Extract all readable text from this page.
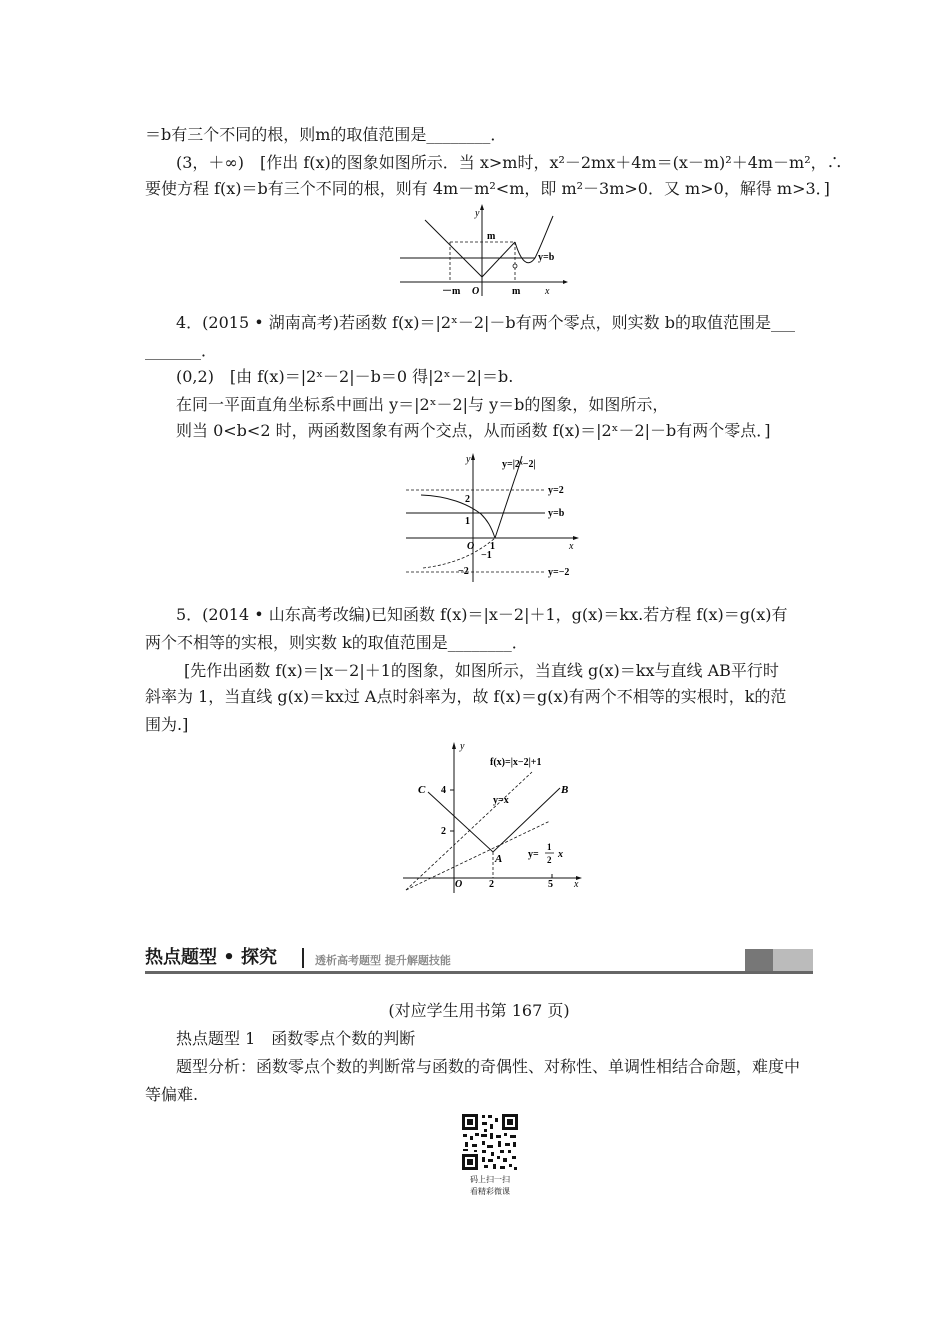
＝b有三个不同的根，则m的取值范围是________．
(3，＋∞)　[作出 f(x)的图象如图所示．当 x>m时，x²－2mx＋4m＝(x－m)²＋4m－m²，∴
要使方程 f(x)＝b有三个不同的根，则有 4m－m²<m，即 m²－3m>0．又 m>0，解得 m>3．]
y
m
y=b
－m O	m x
4．(2015 • 湖南高考)若函数 f(x)＝|2ˣ－2|－b有两个零点，则实数 b的取值范围是___
_______．
(0,2)　[由 f(x)＝|2ˣ－2|－b＝0 得|2ˣ－2|＝b.
在同一平面直角坐标系中画出 y＝|2ˣ－2|与 y＝b的图象，如图所示，
则当 0<b<2 时，两函数图象有两个交点，从而函数 f(x)＝|2ˣ－2|－b有两个零点．]
y	y=|2ˣ−2|
y=2
y=b
y=−2
2
1
O 1
−1
−2
x
5．(2014 • 山东高考改编)已知函数 f(x)＝|x－2|＋1，g(x)＝kx.若方程 f(x)＝g(x)有
两个不相等的实根，则实数 k的取值范围是________．
[先作出函数 f(x)＝|x－2|＋1的图象，如图所示，当直线 g(x)＝kx与直线 AB平行时
斜率为 1，当直线 g(x)＝kx过 A点时斜率为，故 f(x)＝g(x)有两个不相等的实根时，k的范
围为.]
y
f(x)=|x−2|+1
y=x
C	B
A
4
2
O	2	5 x
y=
1
2 x
热点题型 • 探究	透析高考题型 提升解题技能
(对应学生用书第 167 页)
热点题型 1　函数零点个数的判断
题型分析：函数零点个数的判断常与函数的奇偶性、对称性、单调性相结合命题，难度中
等偏难.
码上扫一扫
看精彩微课
